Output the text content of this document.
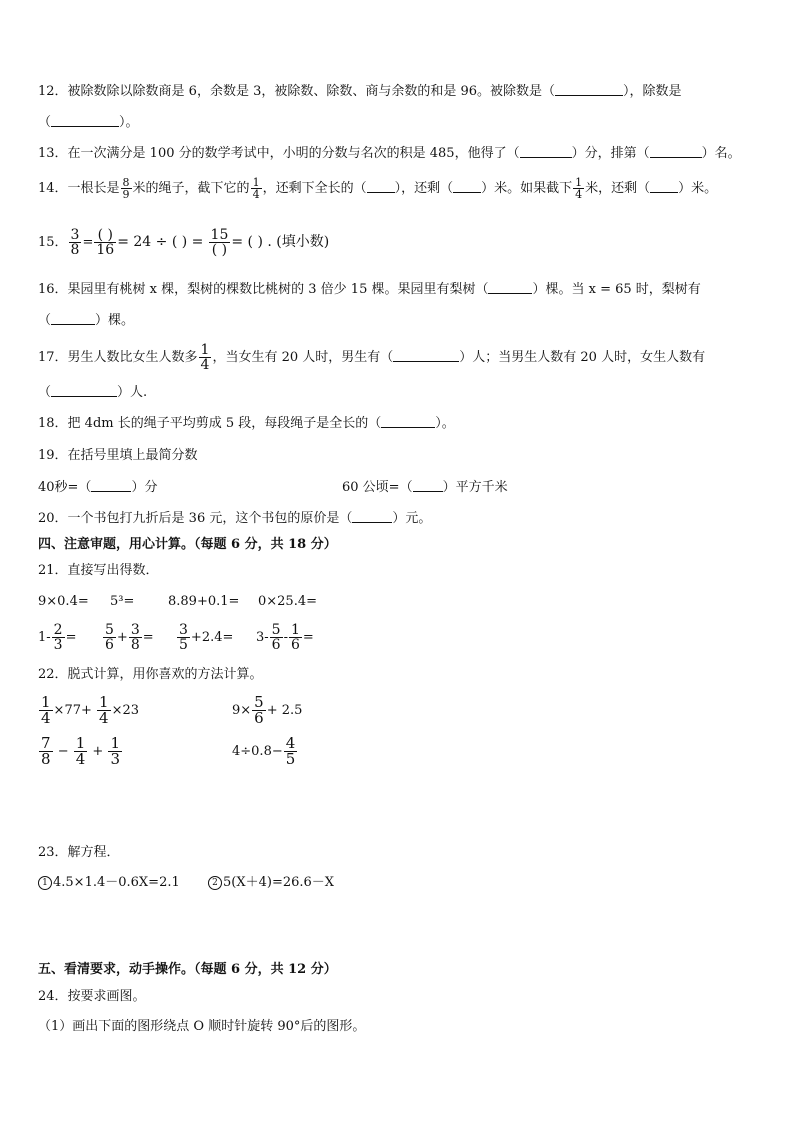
12．被除数除以除数商是 6，余数是 3，被除数、除数、商与余数的和是 96。被除数是（	），除数是
（	）。
13．在一次满分是 100 分的数学考试中，小明的分数与名次的积是 485，他得了（	）分，排第（	）名。
14．一根长是 $\frac{8}{9}$ 米的绳子，截下它的 $\frac{1}{4}$ ，还剩下全长的（ ），还剩（ ）米。如果截下 $\frac{1}{4}$ 米，还剩（ ）米。
15． $\frac{3}{8} = \frac{( )}{16} = 24$ ÷ ( ) = $\frac{15}{( )}$ = ( ) . (填小数)
16．果园里有桃树 x 棵，梨树的棵数比桃树的 3 倍少 15 棵。果园里有梨树（	）棵。当 x = 65 时，梨树有
（	）棵。
17．男生人数比女生人数多 $\frac{1}{4}$ ，当女生有 20 人时，男生有（	）人；当男生人数有 20 人时，女生人数有
（	）人.
18．把 4dm 长的绳子平均剪成 5 段，每段绳子是全长的（	）。
19．在括号里填上最简分数
40秒=（	）分	60 公顷=（ ）平方千米
20．一个书包打九折后是 36 元，这个书包的原价是（	）元。
四、注意审题，用心计算。（每题 6 分，共 18 分）
21．直接写出得数．
9×0.4= 5³=	8.89+0.1= 0×25.4=
$1- \frac{2}{3} = \frac{5}{6} + \frac{3}{8} = \frac{3}{5} +2.4= 3- \frac{5}{6} - \frac{1}{6}$ =
22．脱式计算，用你喜欢的方法计算。
$\frac{1}{4} \times 77+ \frac{1}{4} \times 23$	$9\times \frac{5}{6} + 2.5$
$\frac{7}{8} - \frac{1}{4} + \frac{1}{3}$	$4\div 0.8- \frac{4}{5}$
23．解方程．
1 4.5×1.4－0.6X=2.1	2 5(X＋4)=26.6－X
五、看清要求，动手操作。（每题 6 分，共 12 分）
24．按要求画图。
（1）画出下面的图形绕点 O 顺时针旋转 90°后的图形。
